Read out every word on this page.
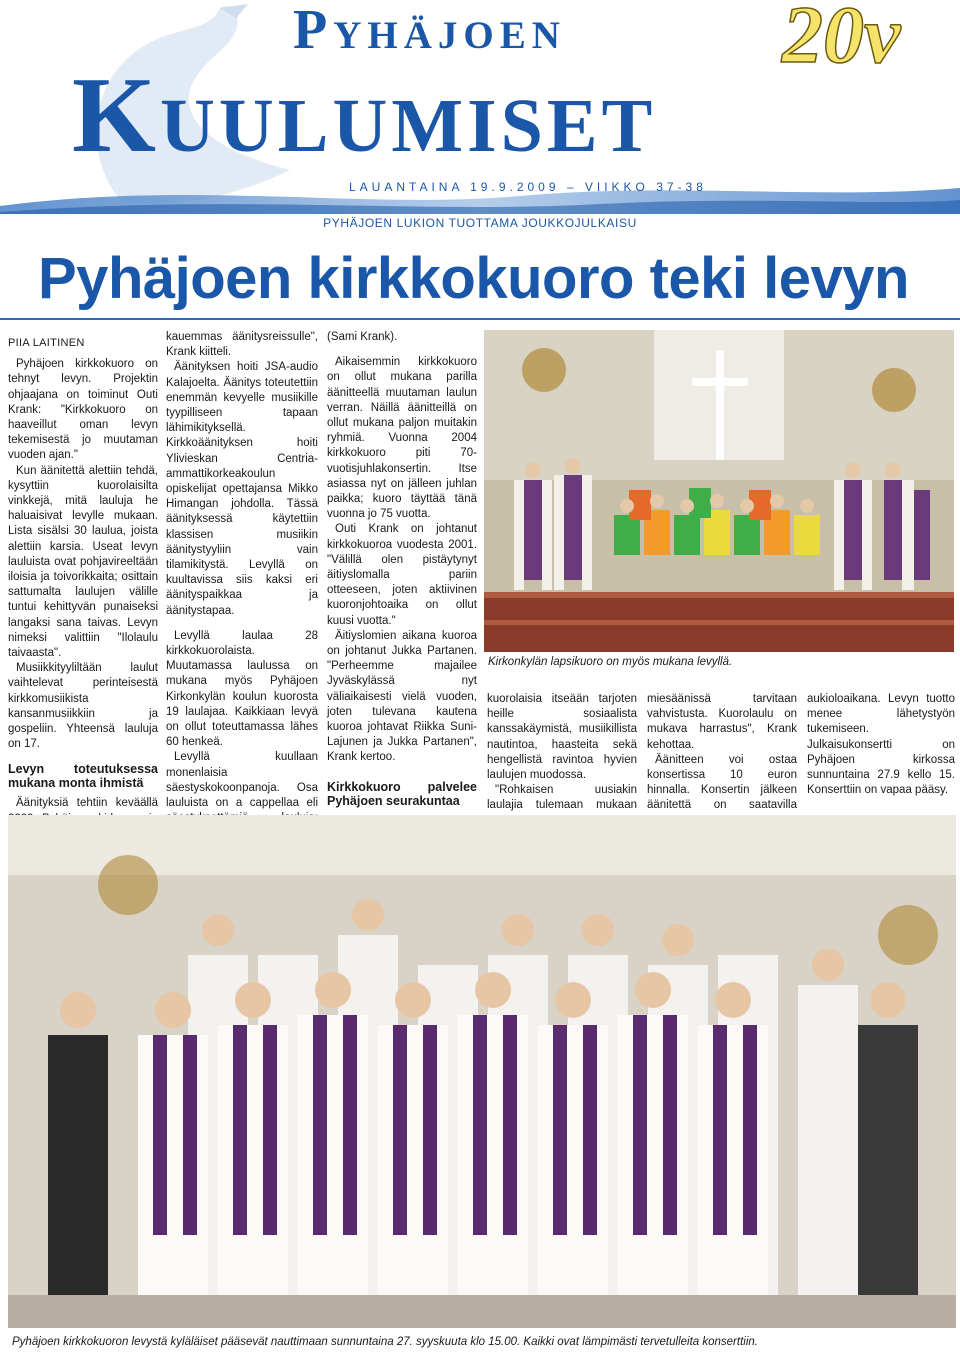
Pyhäjoen
Kuulumiset
20v
LAUANTAINA 19.9.2009 – VIIKKO 37-38
PYHÄJOEN LUKION TUOTTAMA JOUKKOJULKAISU
Pyhäjoen kirkkokuoro teki levyn
PIIA LAITINEN

Pyhäjoen kirkkokuoro on tehnyt levyn. Projektin ohjaajana on toiminut Outi Krank: "Kirkkokuoro on haaveillut oman levyn tekemisestä jo muutaman vuoden ajan."

Kun äänitettä alettiin tehdä, kysyttiin kuorolaisilta vinkkejä, mitä lauluja he haluaisivat levylle mukaan. Lista sisälsi 30 laulua, joista alettiin karsia. Useat levyn lauluista ovat pohjavireeltään iloisia ja toivorikkaita; osittain sattumalta laulujen välille tuntui kehittyvän punaiseksi langaksi sana taivas. Levyn nimeksi valittiin "Ilolaulu taivaasta".

Musiikkityyliltään laulut vaihtelevat perinteisestä kirkkomusiikista kansanmusiikkiin ja gospeliin. Yhteensä lauluja on 17.

Levyn toteutuksessa mukana monta ihmistä

Äänityksiä tehtiin keväällä

kauemmas äänitysreissulle", Krank kiitteli.

Äänityksen hoiti JSA-audio Kalajoelta. Äänitys toteutettiin enemmän kevyelle musiikille tyypilliseen tapaan lähimikityksellä. Kirkkoäänityksen hoiti Ylivieskan Centria-ammattikorkeakoulun opiskelijat opettajansa Mikko Himangan johdolla. Tässä äänityksessä käytettiin klassisen musiikin äänitystyyliin vain tilamikitystä. Levyllä on kuultavissa siis kaksi eri äänityspaikkaa ja äänitystapaa.

Levyllä laulaa 28 kirkkokuorolaista. Muutamassa laulussa on mukana myös Pyhäjoen Kirkonkylän koulun kuorosta 19 laulajaa. Kaikkiaan levyä on ollut toteuttamassa lähes 60 henkeä.

Levyllä kuullaan monenlaisia säestyskokoonpanoja. Osa lauluista on a cappellaa eli

(Sami Krank).

Aikaisemmin kirkkokuoro on ollut mukana parilla äänitteellä muutaman laulun verran. Näillä äänitteillä on ollut mukana paljon muitakin ryhmiä. Vuonna 2004 kirkkokuoro piti 70-vuotisjuhlakonsertin. Itse asiassa nyt on jälleen juhlan paikka; kuoro täyttää tänä vuonna jo 75 vuotta.

Outi Krank on johtanut kirkkokuoroa vuodesta 2001. "Välillä olen pistäytynyt äitiyslomalla pariin otteeseen, joten aktiivinen kuoronjohtoaika on ollut kuusi vuotta."

Äitiyslomien aikana kuoroa on johtanut Jukka Partanen. "Perheemme majailee Jyväskylässä nyt väliaikaisesti vielä vuoden, joten tulevana kautena kuoroa johtavat Riikka Suni-Lajunen ja Jukka Partanen", Krank kertoo.

Kirkkokuoro palvelee Pyhäjoen seurakuntaa

kuorolaisia itseään tarjoten heille sosiaalista kanssakäymistä, musiikillista nautintoa, haasteita sekä hengellistä ravintoa hyvien laulujen muodossa.

"Rohkaisen uusiakin laulajia tulemaan mukaan

miesäänissä tarvitaan vahvistusta. Kuorolaulu on mukava harrastus", Krank kehottaa.

Äänitteen voi ostaa konsertissa 10 euron hinnalla. Konsertin jälkeen äänitettä on saatavilla

aukioloaikana. Levyn tuotto menee lähetystyön tukemiseen. Julkaisukonsertti on Pyhäjoen kirkossa sunnuntaina 27.9 kello 15. Konserttiin on vapaa pääsy.

Kirkonkylän lapsikuoro on myös mukana levyllä.
Pyhäjoen kirkkokuoron levystä kyläläiset pääsevät nauttimaan sunnuntaina 27. syyskuuta klo 15.00. Kaikki ovat lämpimästi tervetulleita konserttiin.
